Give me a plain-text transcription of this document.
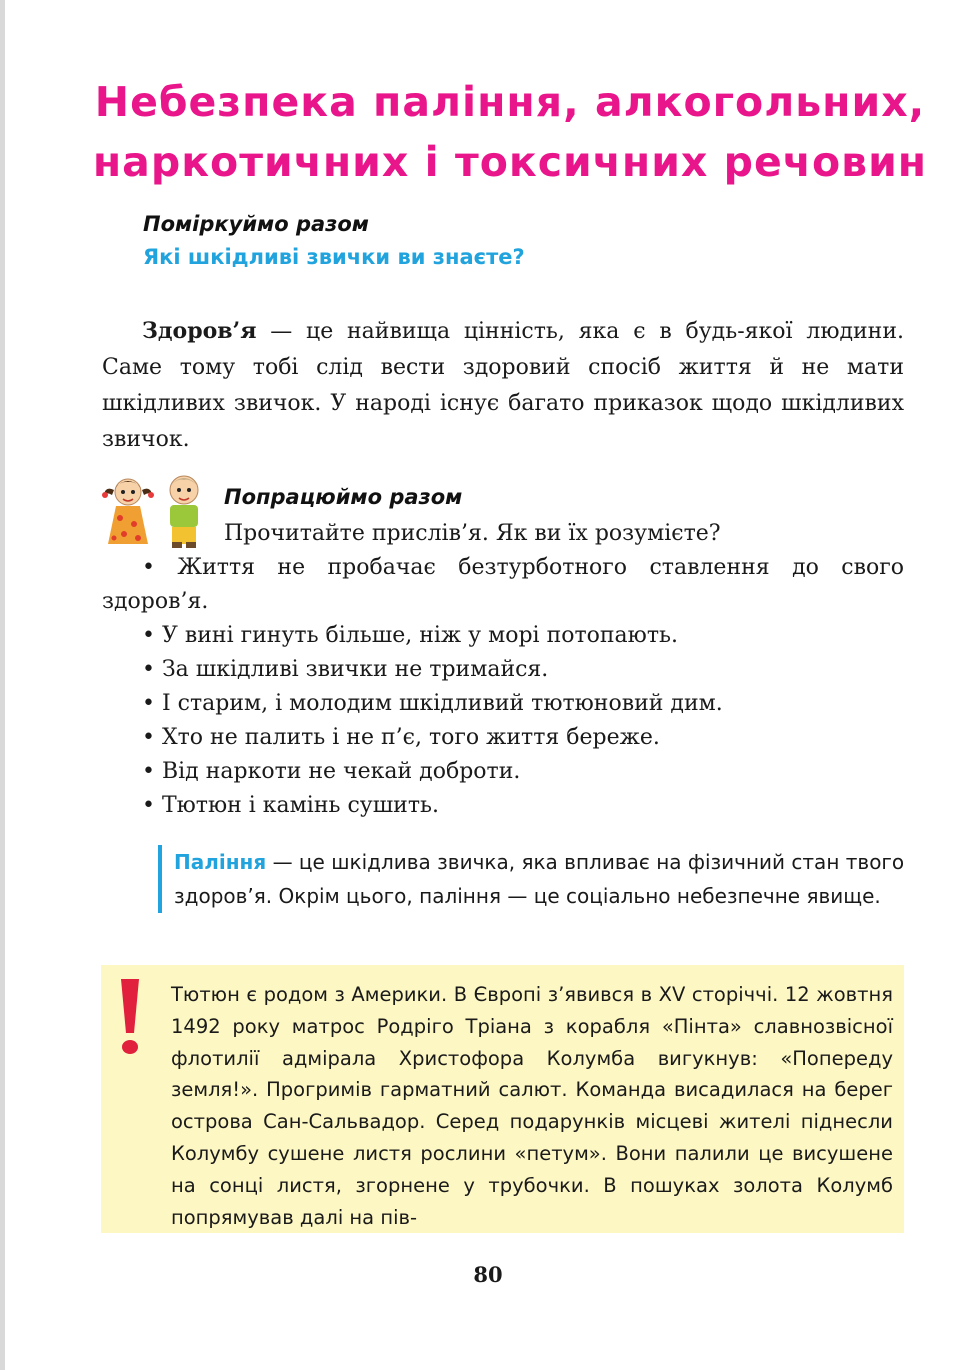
Небезпека паління, алкогольних,
наркотичних і токсичних речовин
Поміркуймо разом
Які шкідливі звички ви знаєте?
Здоров’я — це найвища цінність, яка є в будь-якої людини. Саме тому тобі слід вести здоровий спосіб життя й не мати шкідливих звичок. У народі існує багато приказок щодо шкідливих звичок.
Попрацюймо разом
Прочитайте прислів’я. Як ви їх розумієте?
• Життя не пробачає безтурботного ставлення до свого здоров’я.
• У вині гинуть більше, ніж у морі потопають.
• За шкідливі звички не тримайся.
• І старим, і молодим шкідливий тютюновий дим.
• Хто не палить і не п’є, того життя береже.
• Від наркоти не чекай доброти.
• Тютюн і камінь сушить.
Паління — це шкідлива звичка, яка впливає на фізичний стан твого здоров’я. Окрім цього, паління — це соціально небезпечне явище.
Тютюн є родом з Америки. В Європі з’явився в XV сторіччі. 12 жовтня 1492 року матрос Родріго Тріана з корабля «Пінта» славнозвісної флотилії адмірала Христофора Колумба вигукнув: «Попереду земля!». Прогримів гарматний салют. Команда висадилася на берег острова Сан-Сальвадор. Серед подарунків місцеві жителі піднесли Колумбу сушене листя рослини «петум». Вони палили це висушене на сонці листя, згорнене у трубочки. В пошуках золота Колумб попрямував далі на пів-
80
